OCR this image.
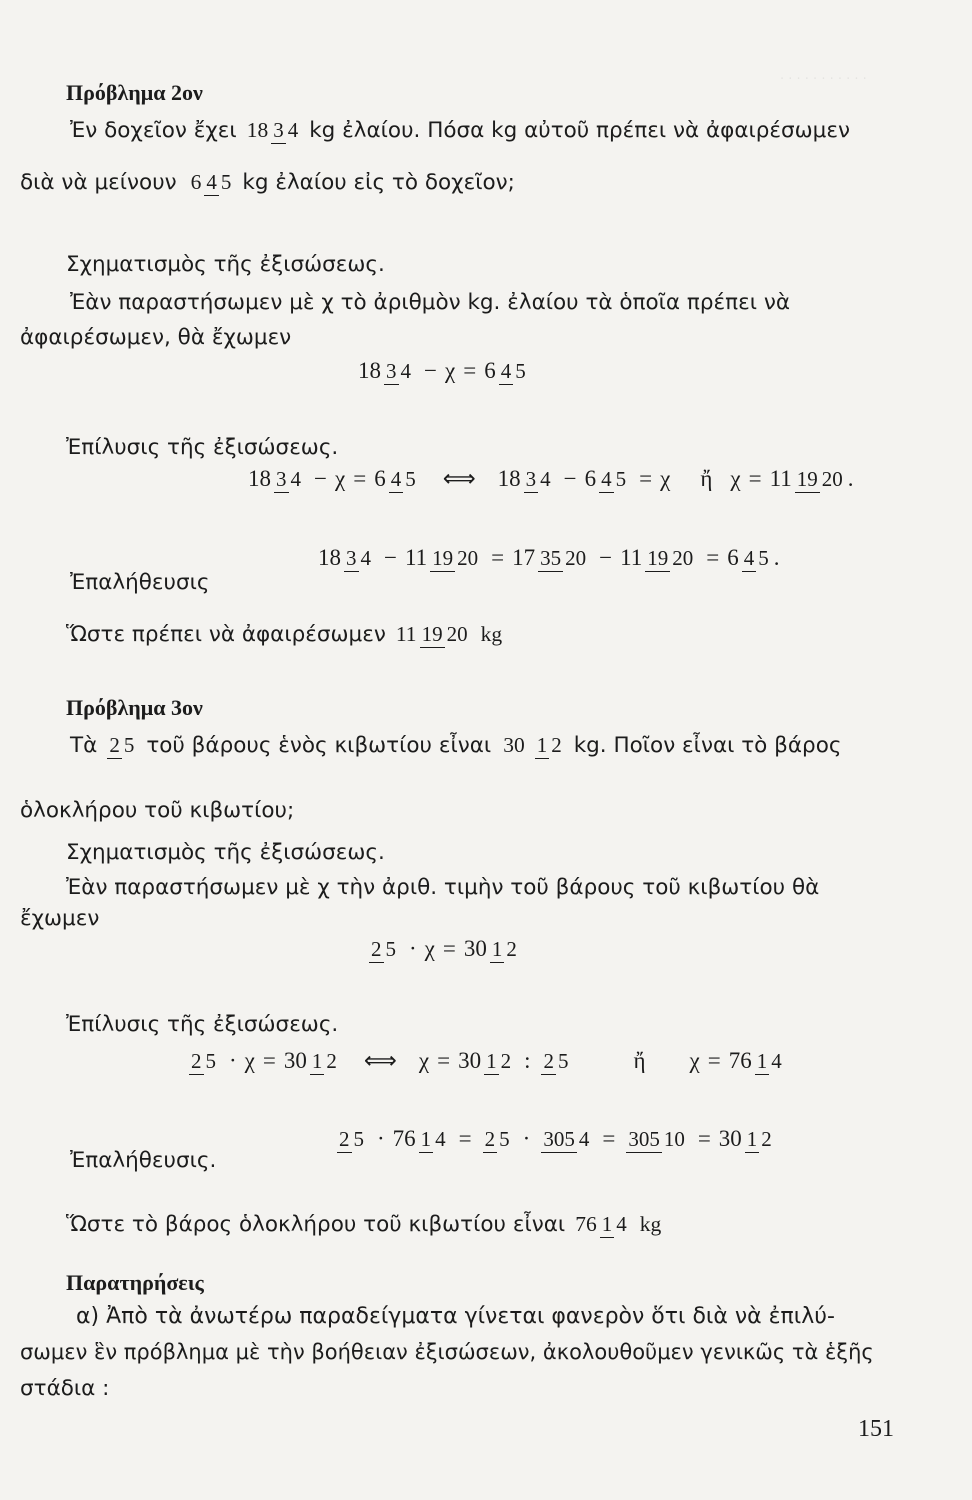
· · · · · · · · · · ·
Πρόβλημα 2ον
Ἐν δοχεῖον ἔχει 18 3 4 kg ἐλαίου. Πόσα kg αὐτοῦ πρέπει νὰ ἀφαιρέσωμεν
διὰ νὰ μείνουν 6 4 5 kg ἐλαίου εἰς τὸ δοχεῖον;
Σχηματισμὸς τῆς ἐξισώσεως.
Ἐὰν παραστήσωμεν μὲ χ τὸ ἀριθμὸν kg. ἐλαίου τὰ ὁποῖα πρέπει νὰ
ἀφαιρέσωμεν, θὰ ἔχωμεν
18 3 4 − χ = 6 4 5
Ἐπίλυσις τῆς ἐξισώσεως.
18 3 4 − χ = 6 4 5 ⟺ 18 3 4 − 6 4 5 = χ ἤ χ = 11 19 20 .
Ἐπαλήθευσις
18 3 4 − 11 19 20 = 17 35 20 − 11 19 20 = 6 4 5 .
Ὥστε πρέπει νὰ ἀφαιρέσωμεν 11 19 20 kg
Πρόβλημα 3ον
Τὰ 2 5 τοῦ βάρους ἑνὸς κιβωτίου εἶναι 30 1 2 kg. Ποῖον εἶναι τὸ βάρος
ὁλοκλήρου τοῦ κιβωτίου;
Σχηματισμὸς τῆς ἐξισώσεως.
Ἐὰν παραστήσωμεν μὲ χ τὴν ἀριθ. τιμὴν τοῦ βάρους τοῦ κιβωτίου θὰ
ἔχωμεν
2 5 · χ = 30 1 2
Ἐπίλυσις τῆς ἐξισώσεως.
2 5 · χ = 30 1 2 ⟺ χ = 30 1 2 : 2 5	ἤ χ = 76 1 4
Ἐπαλήθευσις.
2 5 · 76 1 4 = 2 5 · 305 4 = 305 10 = 30 1 2
Ὥστε τὸ βάρος ὁλοκλήρου τοῦ κιβωτίου εἶναι 76 1 4 kg
Παρατηρήσεις
α) Ἀπὸ τὰ ἀνωτέρω παραδείγματα γίνεται φανερὸν ὅτι διὰ νὰ ἐπιλύ-
σωμεν ἓν πρόβλημα μὲ τὴν βοήθειαν ἐξισώσεων, ἀκολουθοῦμεν γενικῶς τὰ ἑξῆς
στάδια :
151
